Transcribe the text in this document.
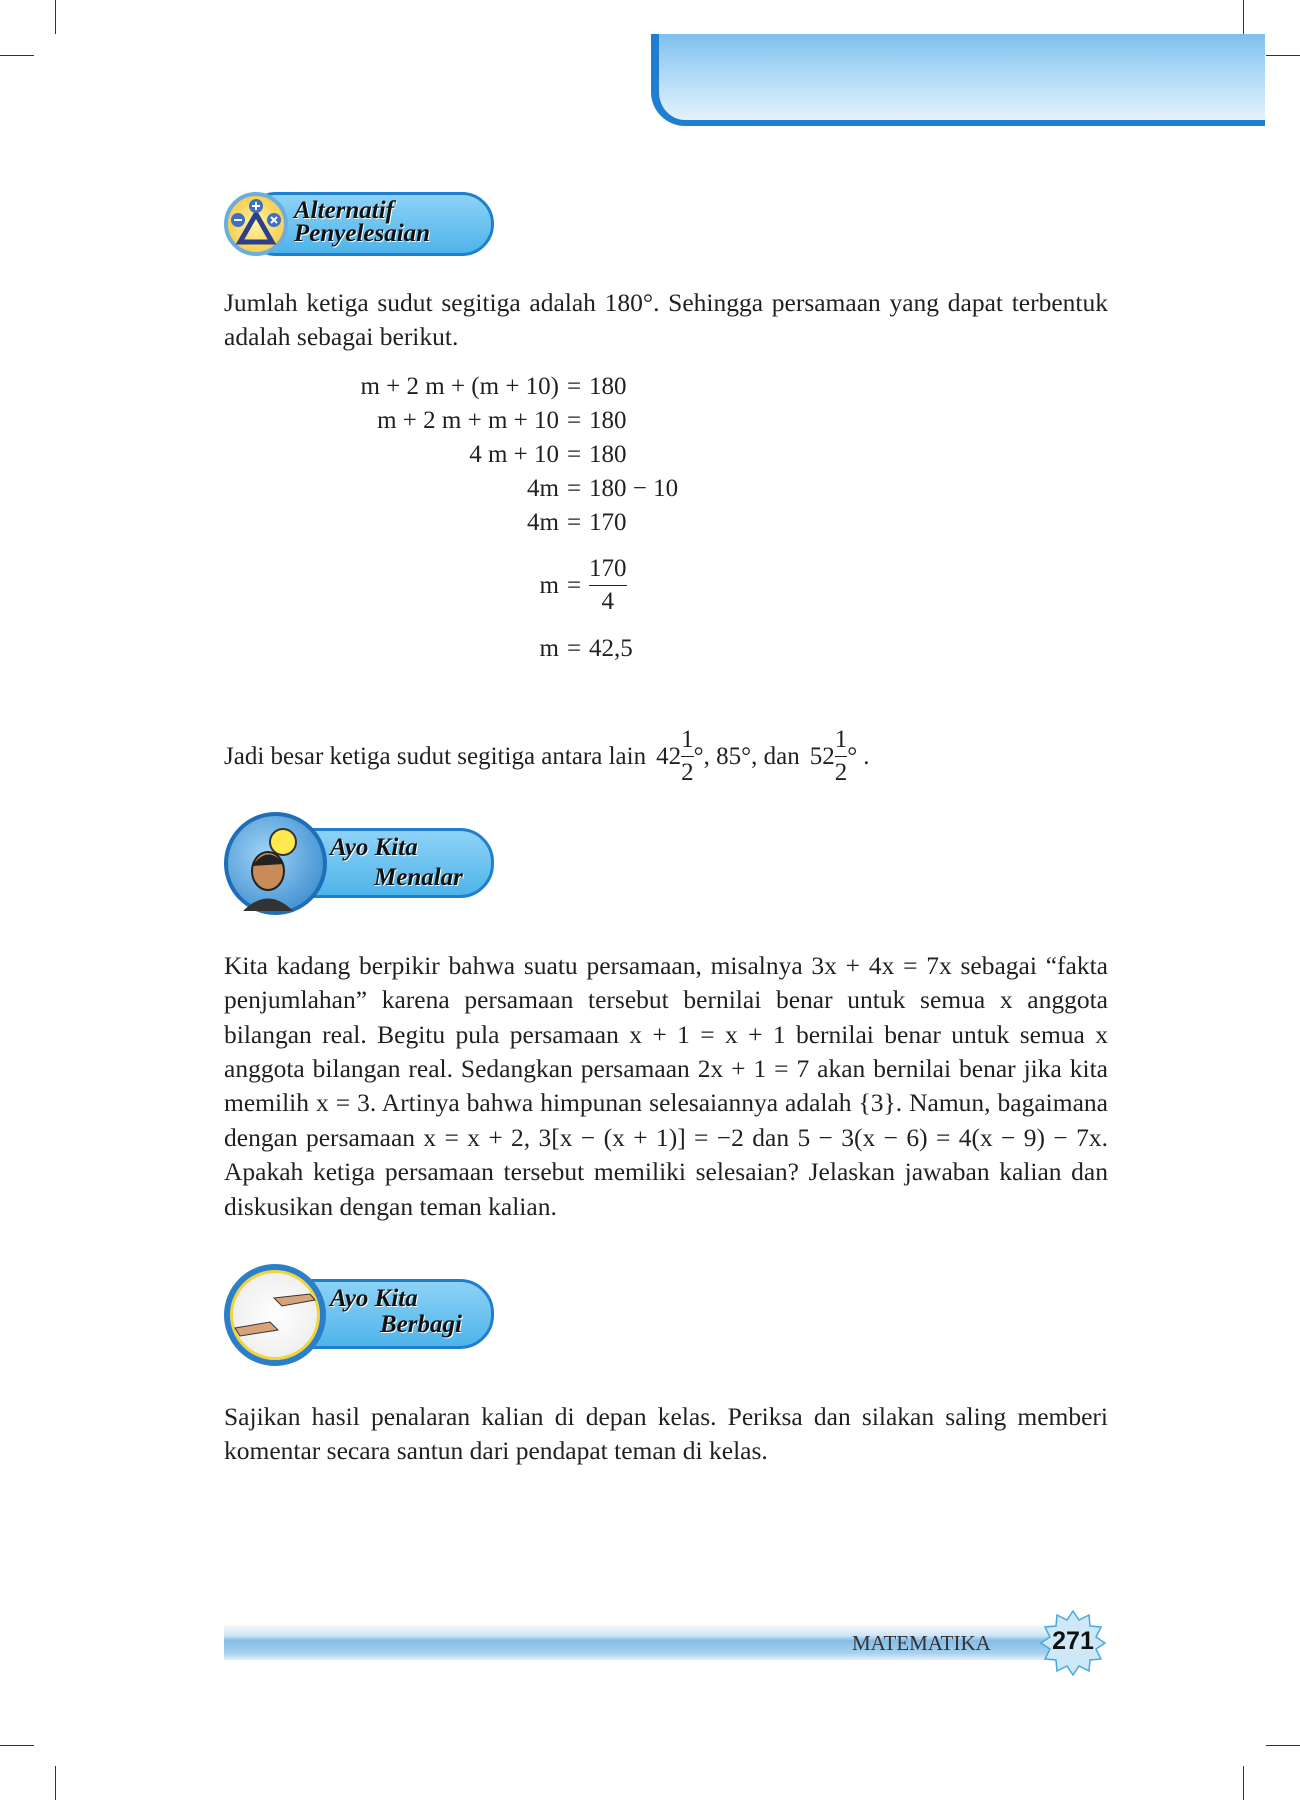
Alternatif
Penyelesaian

Jumlah ketiga sudut segitiga adalah 180°. Sehingga persamaan yang dapat terbentuk adalah sebagai berikut.

m + 2 m + (m + 10) = 180
m + 2 m + m + 10 = 180
4 m + 10 = 180
4m = 180 − 10
4m = 170
$m = \frac{170}{4}$
m = 42,5
Jadi besar ketiga sudut segitiga antara lain $42 \frac{1}{2}$ ° , 85°, dan $52 \frac{1}{2}$ ° .
Ayo Kita
Menalar

Kita kadang berpikir bahwa suatu persamaan, misalnya 3x + 4x = 7x sebagai “fakta penjumlahan” karena persamaan tersebut bernilai benar untuk semua x anggota bilangan real. Begitu pula persamaan x + 1 = x + 1 bernilai benar untuk semua x anggota bilangan real. Sedangkan persamaan 2x + 1 = 7 akan bernilai benar jika kita memilih x = 3. Artinya bahwa himpunan selesaiannya adalah {3}. Namun, bagaimana dengan persamaan x = x + 2, 3[x − (x + 1)] = −2 dan 5 − 3(x − 6) = 4(x − 9) − 7x. Apakah ketiga persamaan tersebut memiliki selesaian? Jelaskan jawaban kalian dan diskusikan dengan teman kalian.

Ayo Kita
Berbagi

Sajikan hasil penalaran kalian di depan kelas. Periksa dan silakan saling memberi komentar secara santun dari pendapat teman di kelas.

MATEMATIKA	271
